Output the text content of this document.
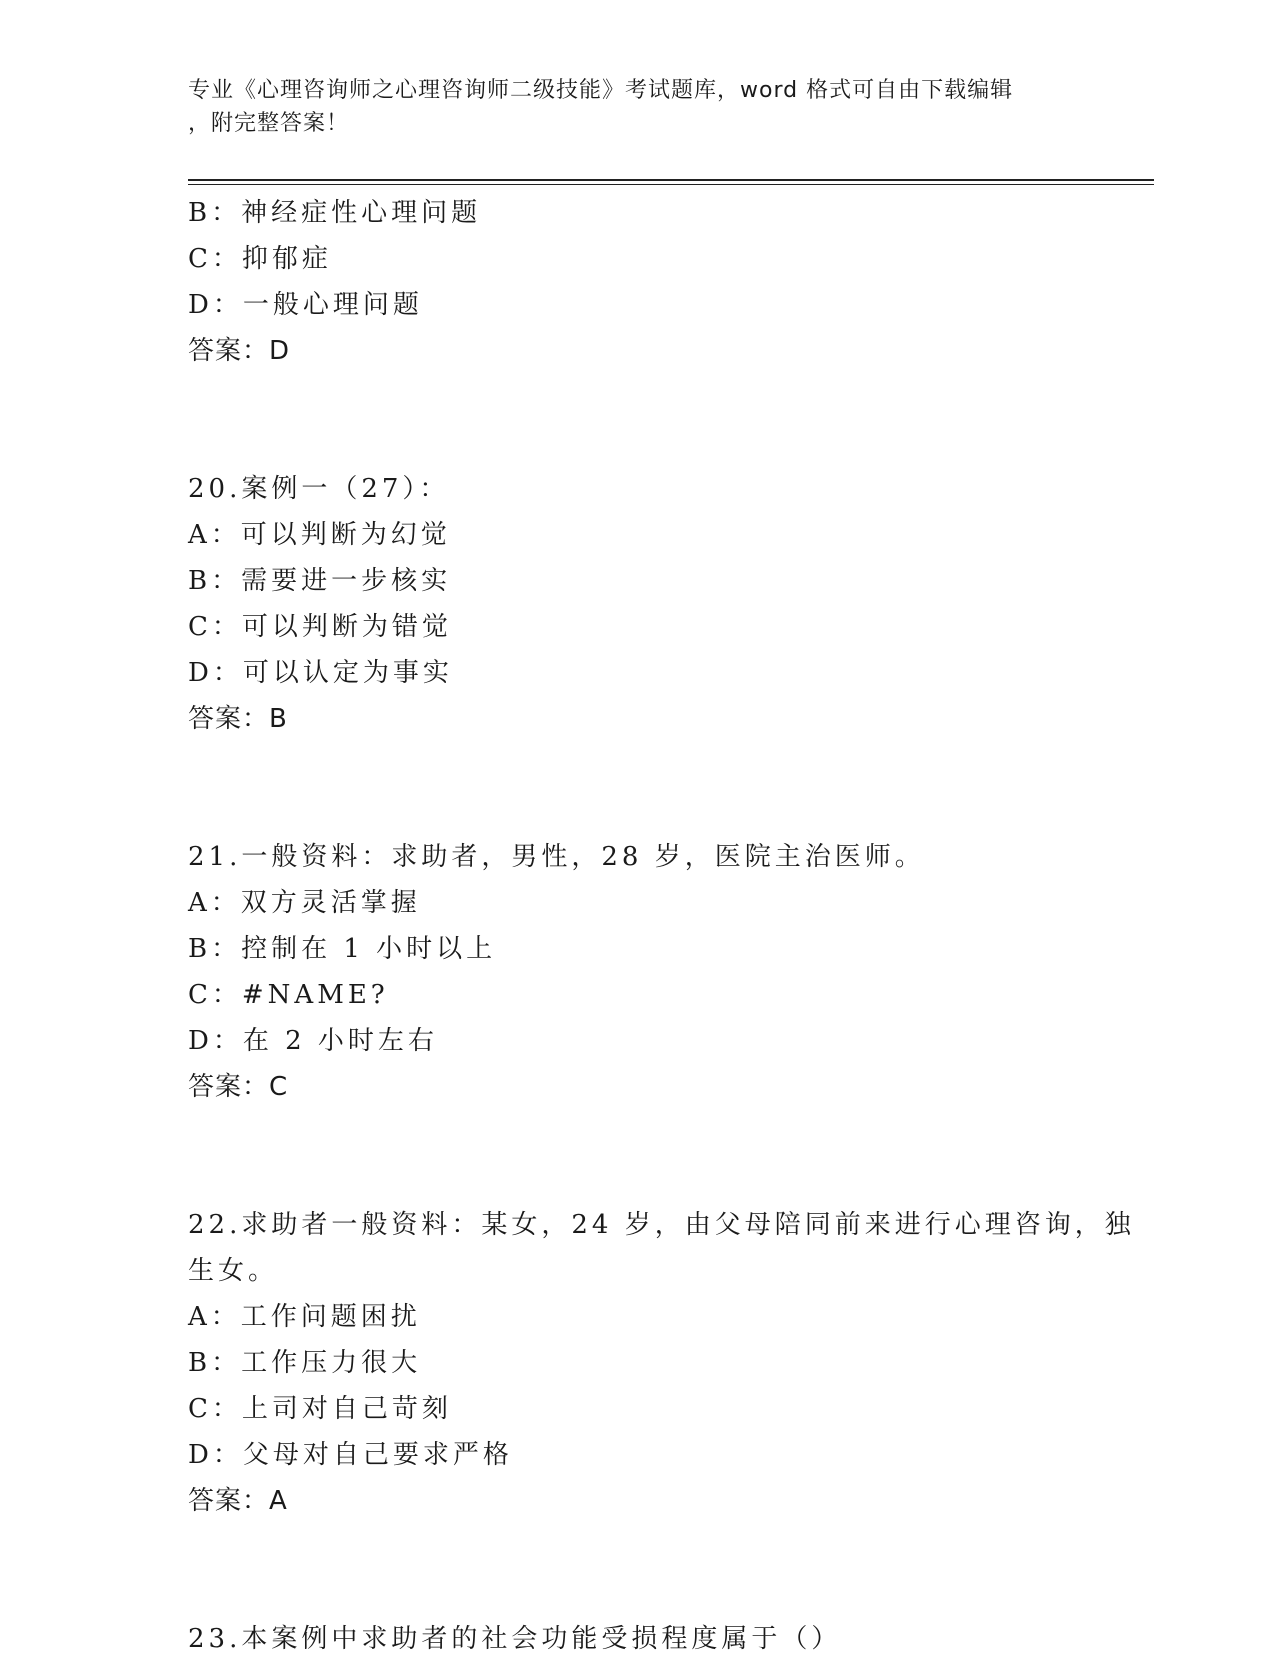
专业《心理咨询师之心理咨询师二级技能》考试题库，word 格式可自由下载编辑
，附完整答案！
B：神经症性心理问题
C：抑郁症
D：一般心理问题
答案：D
20.案例一（27）：
A：可以判断为幻觉
B：需要进一步核实
C：可以判断为错觉
D：可以认定为事实
答案：B
21.一般资料：求助者，男性，28 岁，医院主治医师。
A：双方灵活掌握
B：控制在 1 小时以上
C：#NAME?
D：在 2 小时左右
答案：C
22.求助者一般资料：某女，24 岁，由父母陪同前来进行心理咨询，独
生女。
A：工作问题困扰
B：工作压力很大
C：上司对自己苛刻
D：父母对自己要求严格
答案：A
23.本案例中求助者的社会功能受损程度属于（）
